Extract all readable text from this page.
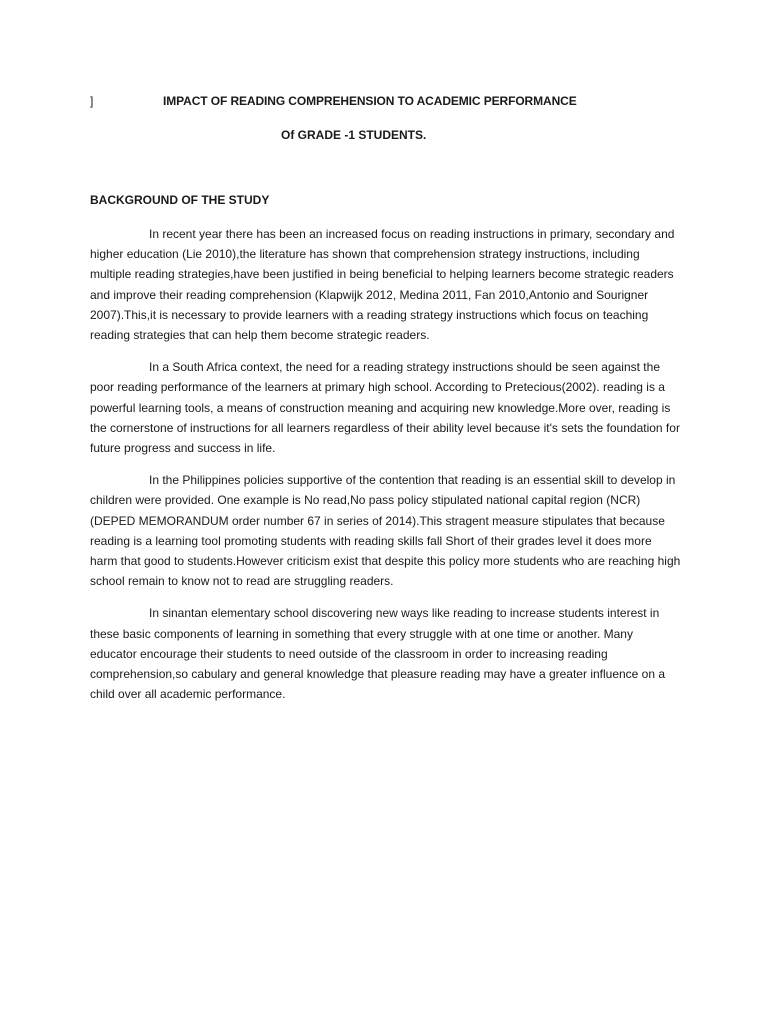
]	IMPACT OF READING COMPREHENSION TO ACADEMIC PERFORMANCE
Of GRADE -1 STUDENTS.
BACKGROUND OF THE STUDY

In recent year there has been an increased focus on reading instructions in primary, secondary and higher education (Lie 2010),the literature has shown that comprehension strategy instructions, including multiple reading strategies,have been justified in being beneficial to helping learners become strategic readers and improve their reading comprehension (Klapwijk 2012, Medina 2011, Fan 2010,Antonio and Sourigner 2007).This,it is necessary to provide learners with a reading strategy instructions which focus on teaching reading strategies that can help them become strategic readers.

In a South Africa context, the need for a reading strategy instructions should be seen against the poor reading performance of the learners at primary high school. According to Pretecious(2002). reading is a powerful learning tools, a means of construction meaning and acquiring new knowledge.More over, reading is the cornerstone of instructions for all learners regardless of their ability level because it's sets the foundation for future progress and success in life.

In the Philippines policies supportive of the contention that reading is an essential skill to develop in children were provided. One example is No read,No pass policy stipulated national capital region (NCR)(DEPED MEMORANDUM order number 67 in series of 2014).This stragent measure stipulates that because reading is a learning tool promoting students with reading skills fall Short of their grades level it does more harm that good to students.However criticism exist that despite this policy more students who are reaching high school remain to know not to read are struggling readers.

In sinantan elementary school discovering new ways like reading to increase students interest in these basic components of learning in something that every struggle with at one time or another. Many educator encourage their students to need outside of the classroom in order to increasing reading comprehension,so cabulary and general knowledge that pleasure reading may have a greater influence on a child over all academic performance.
